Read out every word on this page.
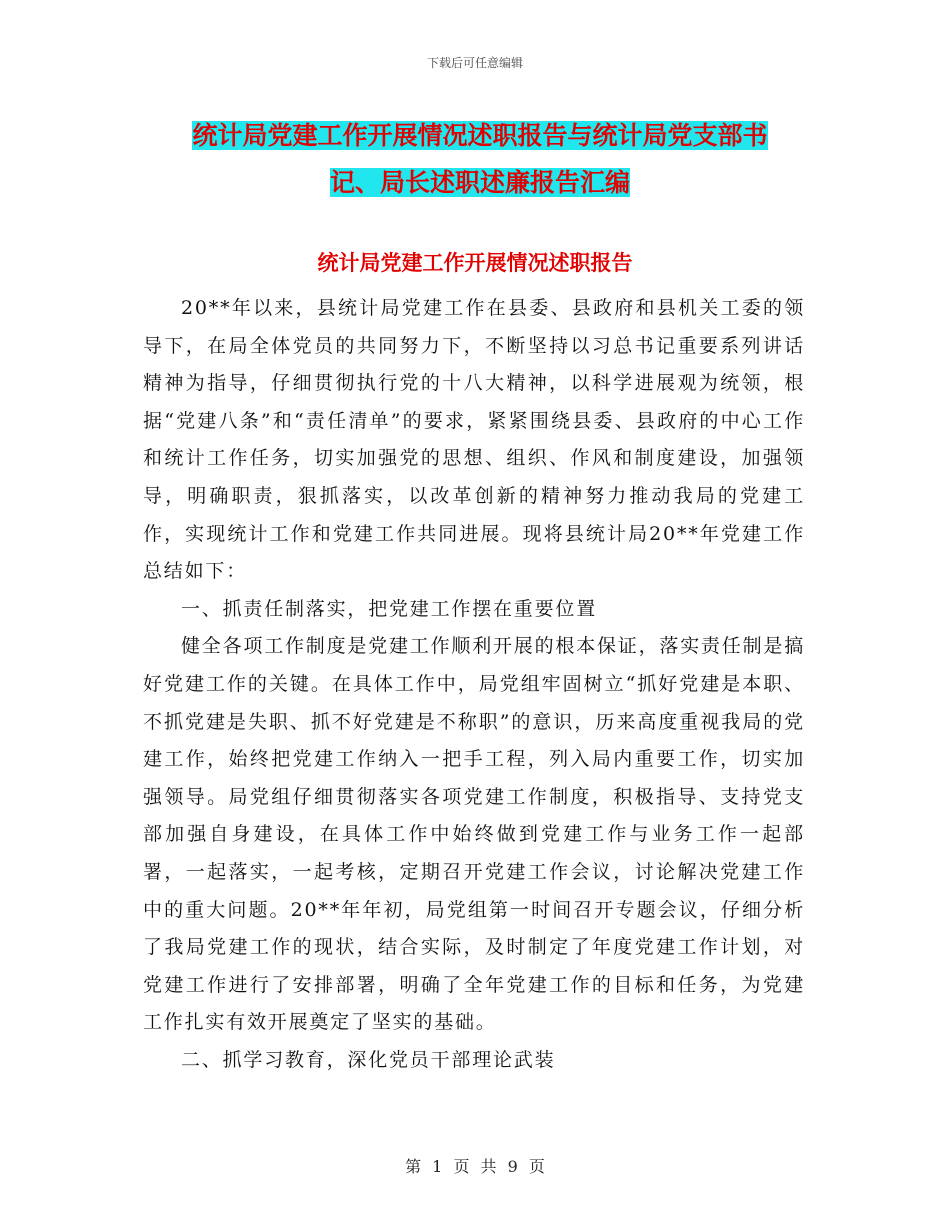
下载后可任意编辑
统计局党建工作开展情况述职报告与统计局党支部书
记、局长述职述廉报告汇编
统计局党建工作开展情况述职报告

20**年以来，县统计局党建工作在县委、县政府和县机关工委的领导下，在局全体党员的共同努力下，不断坚持以习总书记重要系列讲话精神为指导，仔细贯彻执行党的十八大精神，以科学进展观为统领，根据“党建八条”和“责任清单”的要求，紧紧围绕县委、县政府的中心工作和统计工作任务，切实加强党的思想、组织、作风和制度建设，加强领导，明确职责，狠抓落实，以改革创新的精神努力推动我局的党建工作，实现统计工作和党建工作共同进展。现将县统计局20**年党建工作总结如下：

一、抓责任制落实，把党建工作摆在重要位置

健全各项工作制度是党建工作顺利开展的根本保证，落实责任制是搞好党建工作的关键。在具体工作中，局党组牢固树立“抓好党建是本职、不抓党建是失职、抓不好党建是不称职”的意识，历来高度重视我局的党建工作，始终把党建工作纳入一把手工程，列入局内重要工作，切实加强领导。局党组仔细贯彻落实各项党建工作制度，积极指导、支持党支部加强自身建设，在具体工作中始终做到党建工作与业务工作一起部署，一起落实，一起考核，定期召开党建工作会议，讨论解决党建工作中的重大问题。20**年年初，局党组第一时间召开专题会议，仔细分析了我局党建工作的现状，结合实际，及时制定了年度党建工作计划，对党建工作进行了安排部署，明确了全年党建工作的目标和任务，为党建工作扎实有效开展奠定了坚实的基础。

二、抓学习教育，深化党员干部理论武装

第 1 页 共 9 页
